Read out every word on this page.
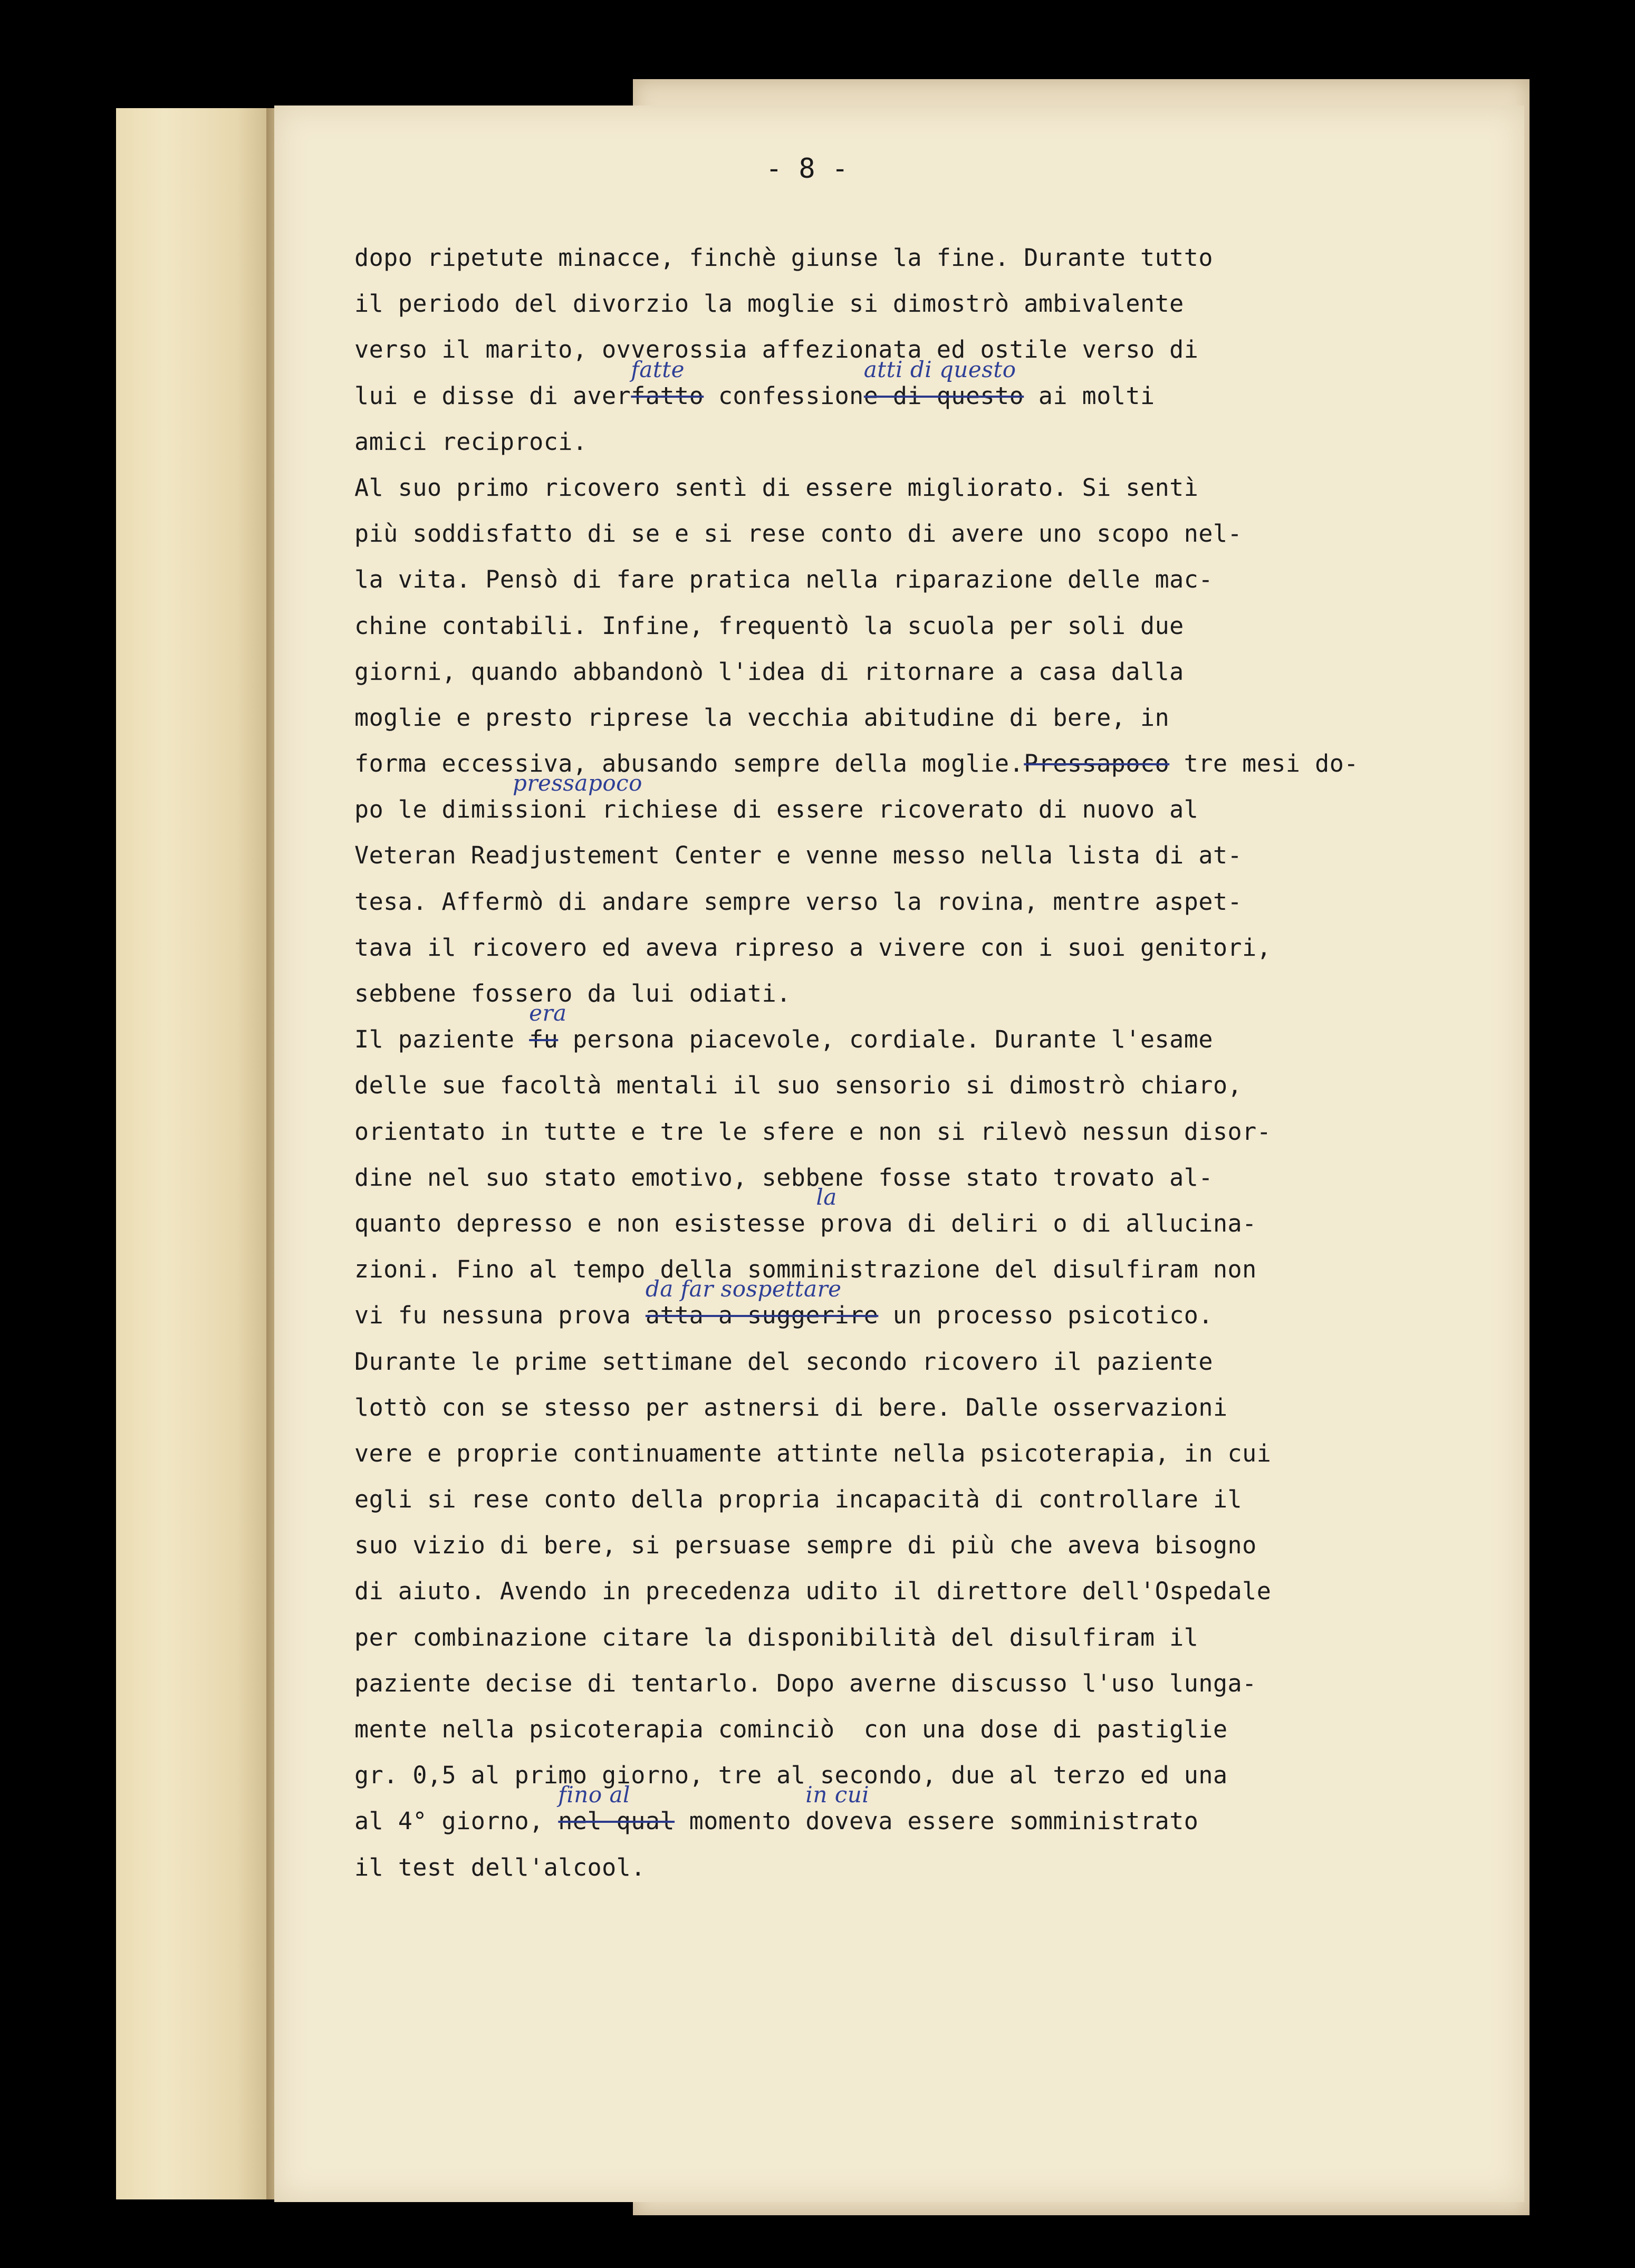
- 8 -
dopo ripetute minacce, finchè giunse la fine. Durante tutto
il periodo del divorzio la moglie si dimostrò ambivalente
verso il marito, ovverossia affezionata ed ostile verso di
lui e disse di aver
fatte
fatto confession
atti di questo
e di questo ai molti
amici reciproci.
Al suo primo ricovero sentì di essere migliorato. Si sentì
più soddisfatto di se e si rese conto di avere uno scopo nel-
la vita. Pensò di fare pratica nella riparazione delle mac-
chine contabili. Infine, frequentò la scuola per soli due
giorni, quando abbandonò l'idea di ritornare a casa dalla
moglie e presto riprese la vecchia abitudine di bere, in
forma eccessiva, abusando sempre della moglie.Pressapoco tre mesi do-
pressapoco
po le dimissioni richiese di essere ricoverato di nuovo al
Veteran Readjustement Center e venne messo nella lista di at-
tesa. Affermò di andare sempre verso la rovina, mentre aspet-
tava il ricovero ed aveva ripreso a vivere con i suoi genitori,
sebbene fossero da lui odiati.
Il paziente
era
fu persona piacevole, cordiale. Durante l'esame
delle sue facoltà mentali il suo sensorio si dimostrò chiaro,
orientato in tutte e tre le sfere e non si rilevò nessun disor-
dine nel suo stato emotivo, sebbene fosse stato trovato al-
quanto depresso e non esistesse
la
prova di deliri o di allucina-
zioni. Fino al tempo della somministrazione del disulfiram non
vi fu nessuna prova
da far sospettare
atta a suggerire un processo psicotico.
Durante le prime settimane del secondo ricovero il paziente
lottò con se stesso per astnersi di bere. Dalle osservazioni
vere e proprie continuamente attinte nella psicoterapia, in cui
egli si rese conto della propria incapacità di controllare il
suo vizio di bere, si persuase sempre di più che aveva bisogno
di aiuto. Avendo in precedenza udito il direttore dell'Ospedale
per combinazione citare la disponibilità del disulfiram il
paziente decise di tentarlo. Dopo averne discusso l'uso lunga-
mente nella psicoterapia cominciò  con una dose di pastiglie
gr. 0,5 al primo giorno, tre al secondo, due al terzo ed una
al 4° giorno,
fino al
nel qual momento
in cui
doveva essere somministrato
il test dell'alcool.
